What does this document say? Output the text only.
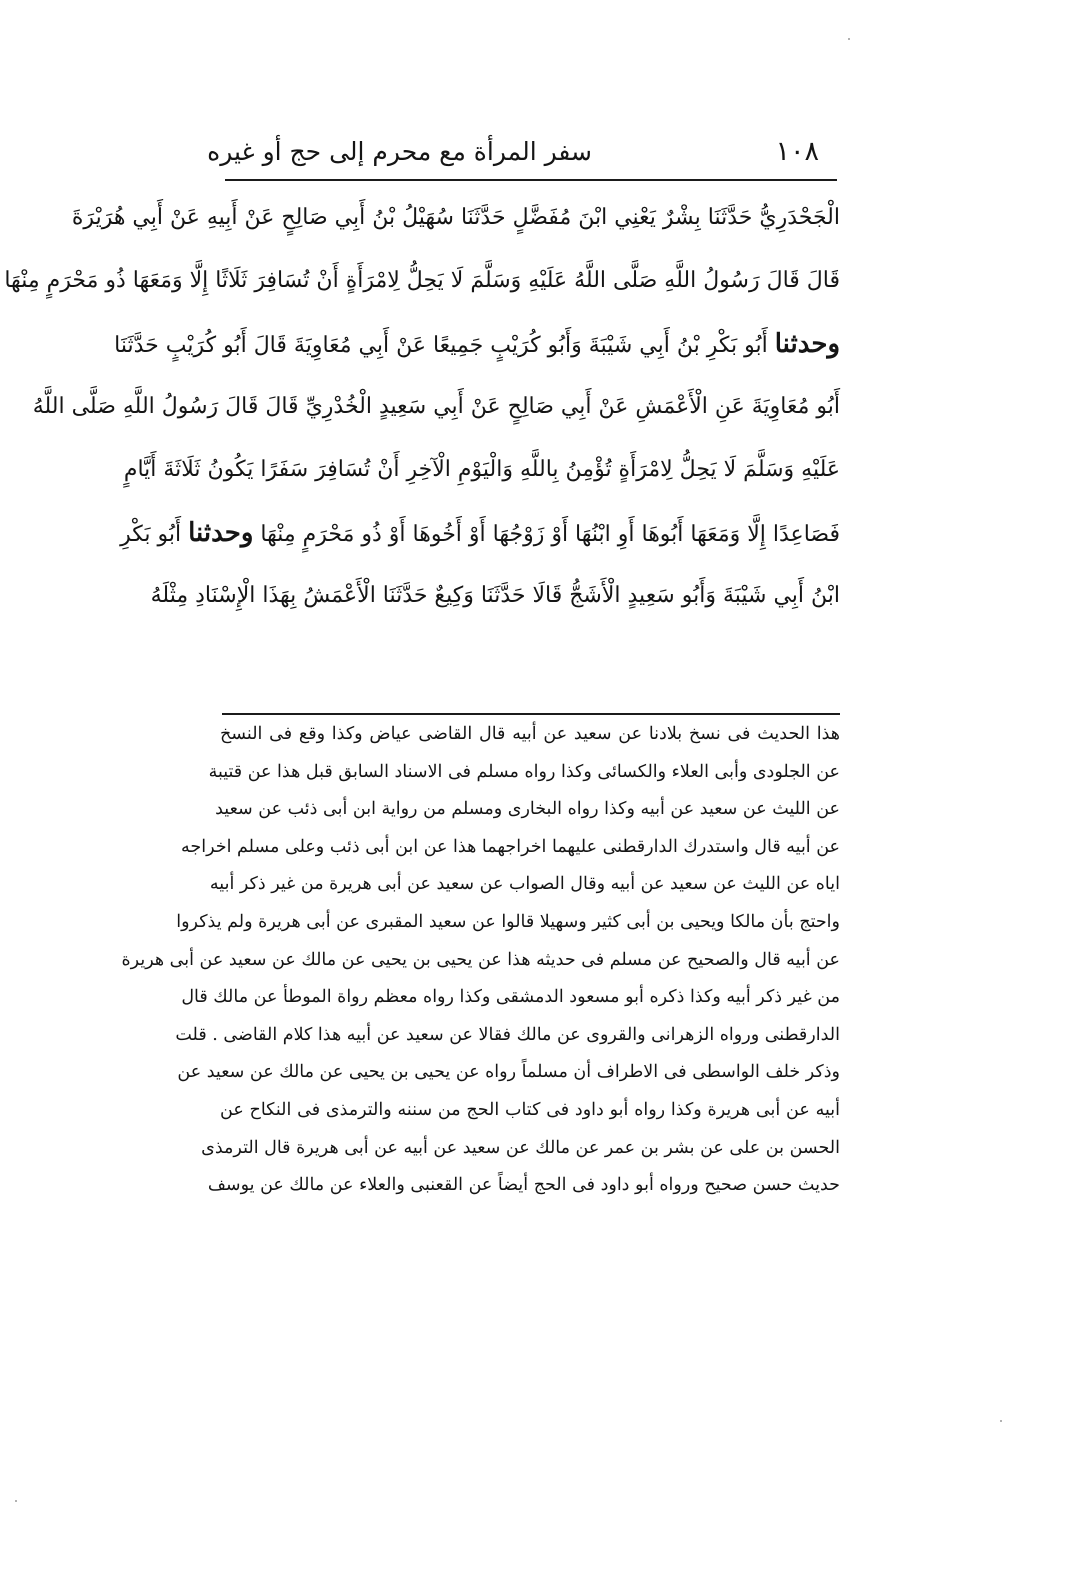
١٠٨
سفر المرأة مع محرم إلى حج أو غيره
الْجَحْدَرِيُّ حَدَّثَنَا بِشْرٌ يَعْنِي ابْنَ مُفَضَّلٍ حَدَّثَنَا سُهَيْلُ بْنُ أَبِي صَالِحٍ عَنْ أَبِيهِ عَنْ أَبِي هُرَيْرَةَ
قَالَ قَالَ رَسُولُ اللَّهِ صَلَّى اللَّهُ عَلَيْهِ وَسَلَّمَ لَا يَحِلُّ لِامْرَأَةٍ أَنْ تُسَافِرَ ثَلَاثًا إِلَّا وَمَعَهَا ذُو مَحْرَمٍ مِنْهَا
وحدثنا أَبُو بَكْرِ بْنُ أَبِي شَيْبَةَ وَأَبُو كُرَيْبٍ جَمِيعًا عَنْ أَبِي مُعَاوِيَةَ قَالَ أَبُو كُرَيْبٍ حَدَّثَنَا
أَبُو مُعَاوِيَةَ عَنِ الْأَعْمَشِ عَنْ أَبِي صَالِحٍ عَنْ أَبِي سَعِيدٍ الْخُدْرِيِّ قَالَ قَالَ رَسُولُ اللَّهِ صَلَّى اللَّهُ
عَلَيْهِ وَسَلَّمَ لَا يَحِلُّ لِامْرَأَةٍ تُؤْمِنُ بِاللَّهِ وَالْيَوْمِ الْآخِرِ أَنْ تُسَافِرَ سَفَرًا يَكُونُ ثَلَاثَةَ أَيَّامٍ
فَصَاعِدًا إِلَّا وَمَعَهَا أَبُوهَا أَوِ ابْنُهَا أَوْ زَوْجُهَا أَوْ أَخُوهَا أَوْ ذُو مَحْرَمٍ مِنْهَا وحدثنا أَبُو بَكْرِ
ابْنُ أَبِي شَيْبَةَ وَأَبُو سَعِيدٍ الْأَشَجُّ قَالَا حَدَّثَنَا وَكِيعٌ حَدَّثَنَا الْأَعْمَشُ بِهَذَا الْإِسْنَادِ مِثْلَهُ
هذا الحديث فى نسخ بلادنا عن سعيد عن أبيه قال القاضى عياض وكذا وقع فى النسخ
عن الجلودى وأبى العلاء والكسائى وكذا رواه مسلم فى الاسناد السابق قبل هذا عن قتيبة
عن الليث عن سعيد عن أبيه وكذا رواه البخارى ومسلم من رواية ابن أبى ذئب عن سعيد
عن أبيه قال واستدرك الدارقطنى عليهما اخراجهما هذا عن ابن أبى ذئب وعلى مسلم اخراجه
اياه عن الليث عن سعيد عن أبيه وقال الصواب عن سعيد عن أبى هريرة من غير ذكر أبيه
واحتج بأن مالكا ويحيى بن أبى كثير وسهيلا قالوا عن سعيد المقبرى عن أبى هريرة ولم يذكروا
عن أبيه قال والصحيح عن مسلم فى حديثه هذا عن يحيى بن يحيى عن مالك عن سعيد عن أبى هريرة
من غير ذكر أبيه وكذا ذكره أبو مسعود الدمشقى وكذا رواه معظم رواة الموطأ عن مالك قال
الدارقطنى ورواه الزهرانى والقروى عن مالك فقالا عن سعيد عن أبيه هذا كلام القاضى . قلت
وذكر خلف الواسطى فى الاطراف أن مسلماً رواه عن يحيى بن يحيى عن مالك عن سعيد عن
أبيه عن أبى هريرة وكذا رواه أبو داود فى كتاب الحج من سننه والترمذى فى النكاح عن
الحسن بن على عن بشر بن عمر عن مالك عن سعيد عن أبيه عن أبى هريرة قال الترمذى
حديث حسن صحيح ورواه أبو داود فى الحج أيضاً عن القعنبى والعلاء عن مالك عن يوسف
